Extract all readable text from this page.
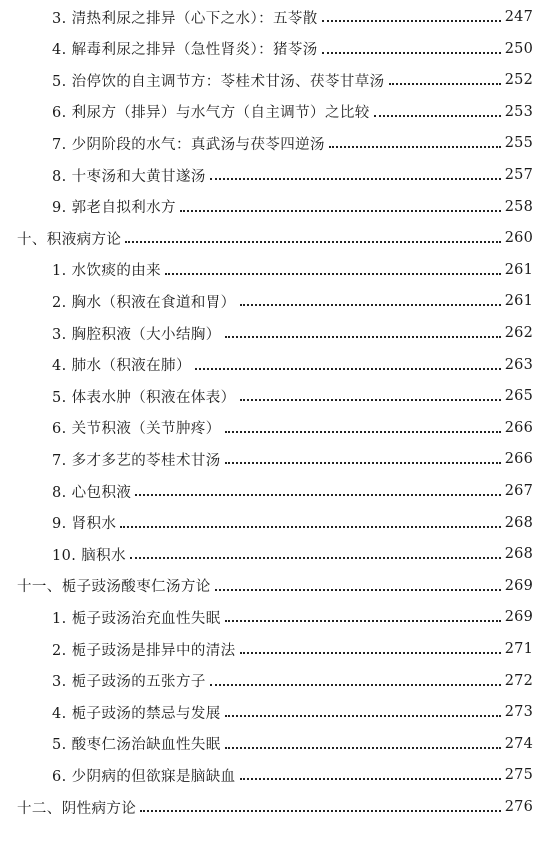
3. 清热利尿之排异（心下之水）：五苓散	247
4. 解毒利尿之排异（急性肾炎）：猪苓汤	250
5. 治停饮的自主调节方：苓桂术甘汤、茯苓甘草汤	252
6. 利尿方（排异）与水气方（自主调节）之比较	253
7. 少阴阶段的水气：真武汤与茯苓四逆汤	255
8. 十枣汤和大黄甘遂汤	257
9. 郭老自拟利水方	258
十、积液病方论	260
1. 水饮痰的由来	261
2. 胸水（积液在食道和胃）	261
3. 胸腔积液（大小结胸）	262
4. 肺水（积液在肺）	263
5. 体表水肿（积液在体表）	265
6. 关节积液（关节肿疼）	266
7. 多才多艺的苓桂术甘汤	266
8. 心包积液	267
9. 肾积水	268
10. 脑积水	268
十一、栀子豉汤酸枣仁汤方论	269
1. 栀子豉汤治充血性失眠	269
2. 栀子豉汤是排异中的清法	271
3. 栀子豉汤的五张方子	272
4. 栀子豉汤的禁忌与发展	273
5. 酸枣仁汤治缺血性失眠	274
6. 少阴病的但欲寐是脑缺血	275
十二、阴性病方论	276
